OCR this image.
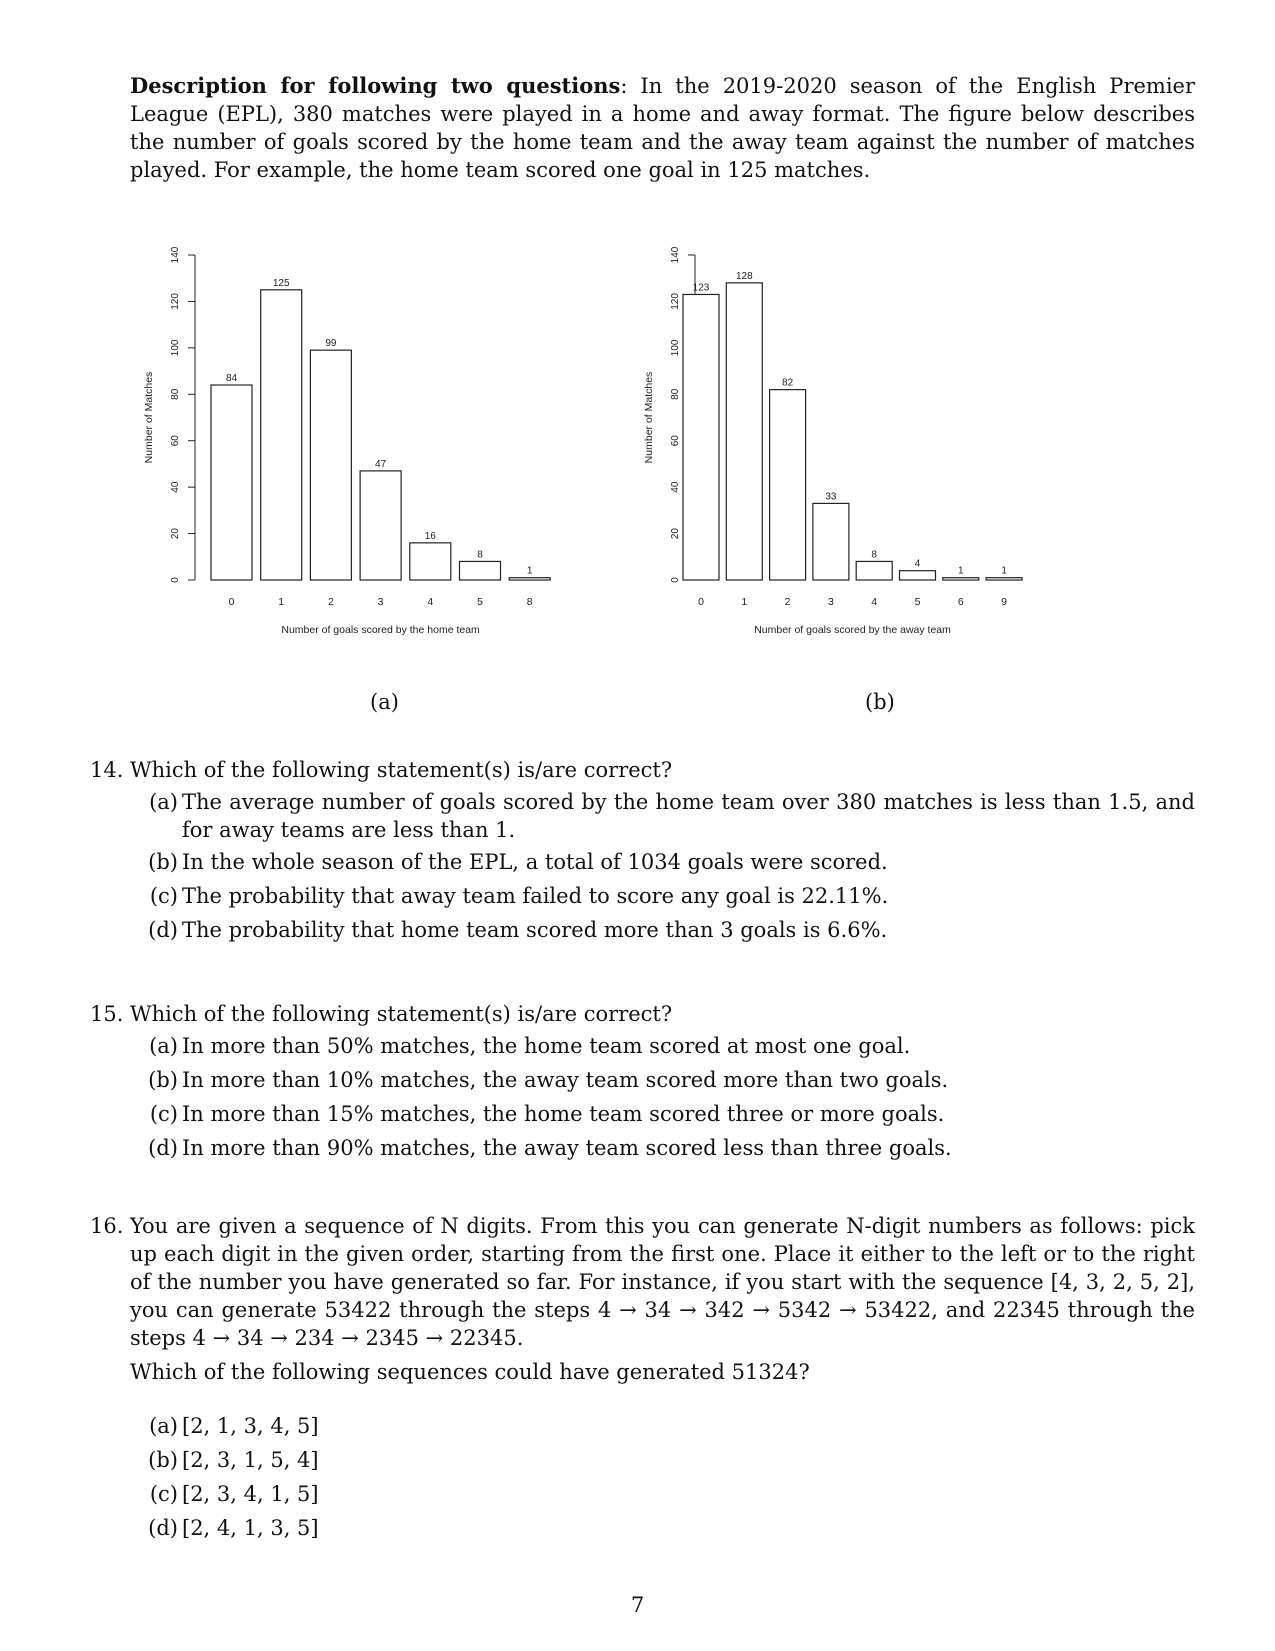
Description for following two questions: In the 2019-2020 season of the English Premier League (EPL), 380 matches were played in a home and away format. The figure below describes the number of goals scored by the home team and the away team against the number of matches played. For example, the home team scored one goal in 125 matches.
0
20
40
60
80
100
120
140
Number of Matches	84
0
125
1
99
2
47
3
16
4
8
5
1
8
Number of goals scored by the home team
0
20
40
60
80
100
120
140
Number of Matches
123
0
128
1
82
2
33
3
8
4
4
5
1
6
1
9
Number of goals scored by the away team
(a)	(b)
14. Which of the following statement(s) is/are correct?
(a) The average number of goals scored by the home team over 380 matches is less than 1.5, and for away teams are less than 1.
(b) In the whole season of the EPL, a total of 1034 goals were scored.
(c) The probability that away team failed to score any goal is 22.11%.
(d) The probability that home team scored more than 3 goals is 6.6%.
15. Which of the following statement(s) is/are correct?
(a) In more than 50% matches, the home team scored at most one goal.
(b) In more than 10% matches, the away team scored more than two goals.
(c) In more than 15% matches, the home team scored three or more goals.
(d) In more than 90% matches, the away team scored less than three goals.
16. You are given a sequence of N digits. From this you can generate N-digit numbers as follows: pick up each digit in the given order, starting from the first one. Place it either to the left or to the right of the number you have generated so far. For instance, if you start with the sequence [4, 3, 2, 5, 2], you can generate 53422 through the steps 4 → 34 → 342 → 5342 → 53422, and 22345 through the steps 4 → 34 → 234 → 2345 → 22345.
Which of the following sequences could have generated 51324?
(a) [2, 1, 3, 4, 5]
(b) [2, 3, 1, 5, 4]
(c) [2, 3, 4, 1, 5]
(d) [2, 4, 1, 3, 5]
7
